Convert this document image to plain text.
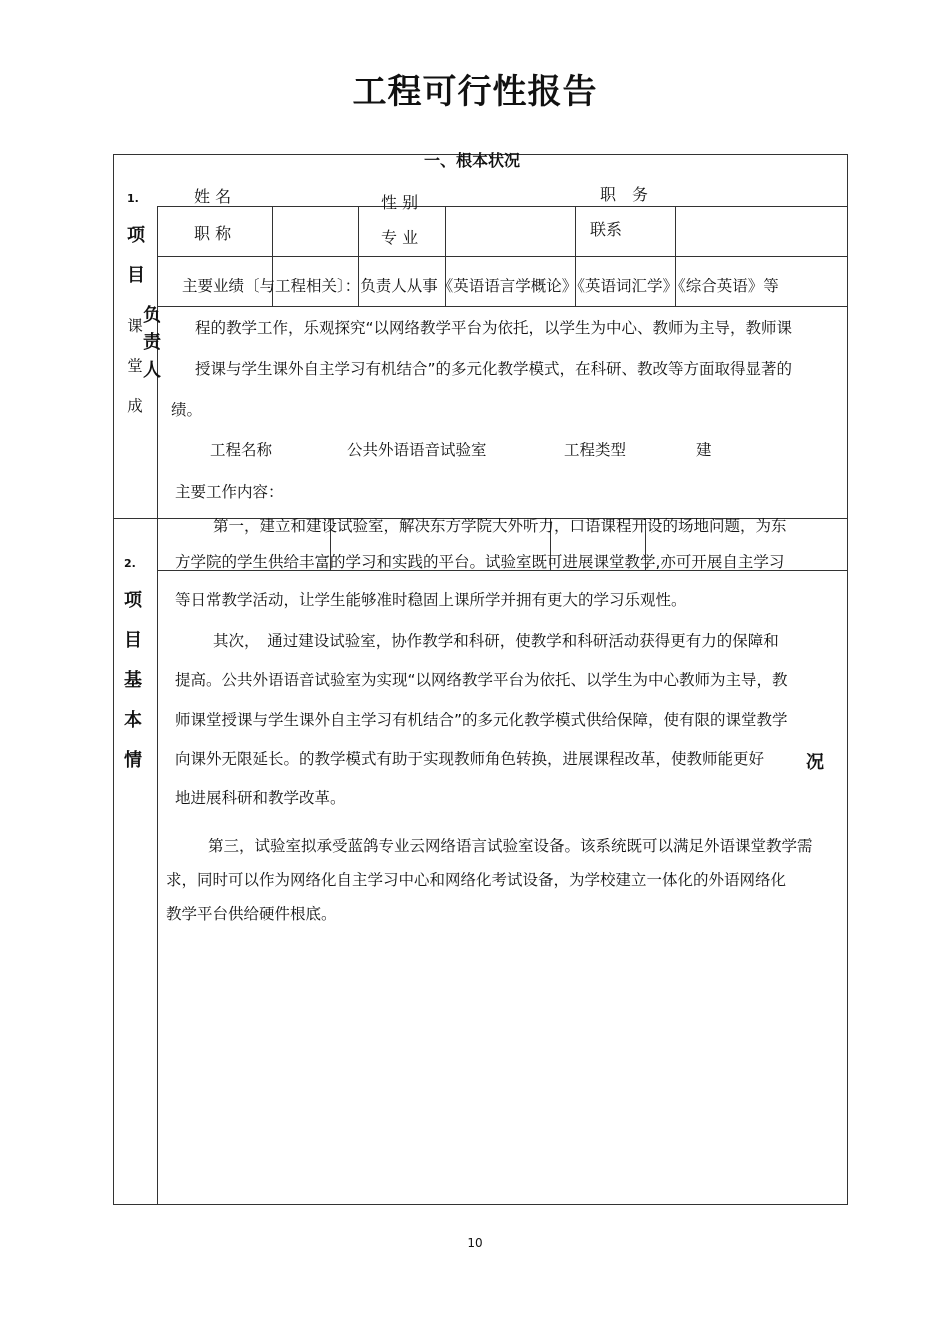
工程可行性报告
一、根本状况
1.
项
目
负
责
人
课
堂
成
姓 名	性 别	职　务
职 称	专 业	联系
主要业绩〔与工程相关〕：负责人从事《英语语言学概论》《英语词汇学》《综合英语》等
程的教学工作，乐观探究“以网络教学平台为依托，以学生为中心、教师为主导，教师课
授课与学生课外自主学习有机结合”的多元化教学模式，在科研、教改等方面取得显著的
绩。
工程名称	公共外语语音试验室	工程类型	建
主要工作内容：
2.
项
目
基
本
情
第一，建立和建设试验室，解决东方学院大外听力，口语课程开设的场地问题，为东
方学院的学生供给丰富的学习和实践的平台。试验室既可进展课堂教学,亦可开展自主学习
等日常教学活动，让学生能够准时稳固上课所学并拥有更大的学习乐观性。
其次，　通过建设试验室，协作教学和科研，使教学和科研活动获得更有力的保障和
提高。公共外语语音试验室为实现“以网络教学平台为依托、以学生为中心教师为主导，教
师课堂授课与学生课外自主学习有机结合”的多元化教学模式供给保障，使有限的课堂教学
向课外无限延长。的教学模式有助于实现教师角色转换，进展课程改革，使教师能更好 况
地进展科研和教学改革。
第三，试验室拟承受蓝鸽专业云网络语言试验室设备。该系统既可以满足外语课堂教学需
求，同时可以作为网络化自主学习中心和网络化考试设备，为学校建立一体化的外语网络化
教学平台供给硬件根底。
10
